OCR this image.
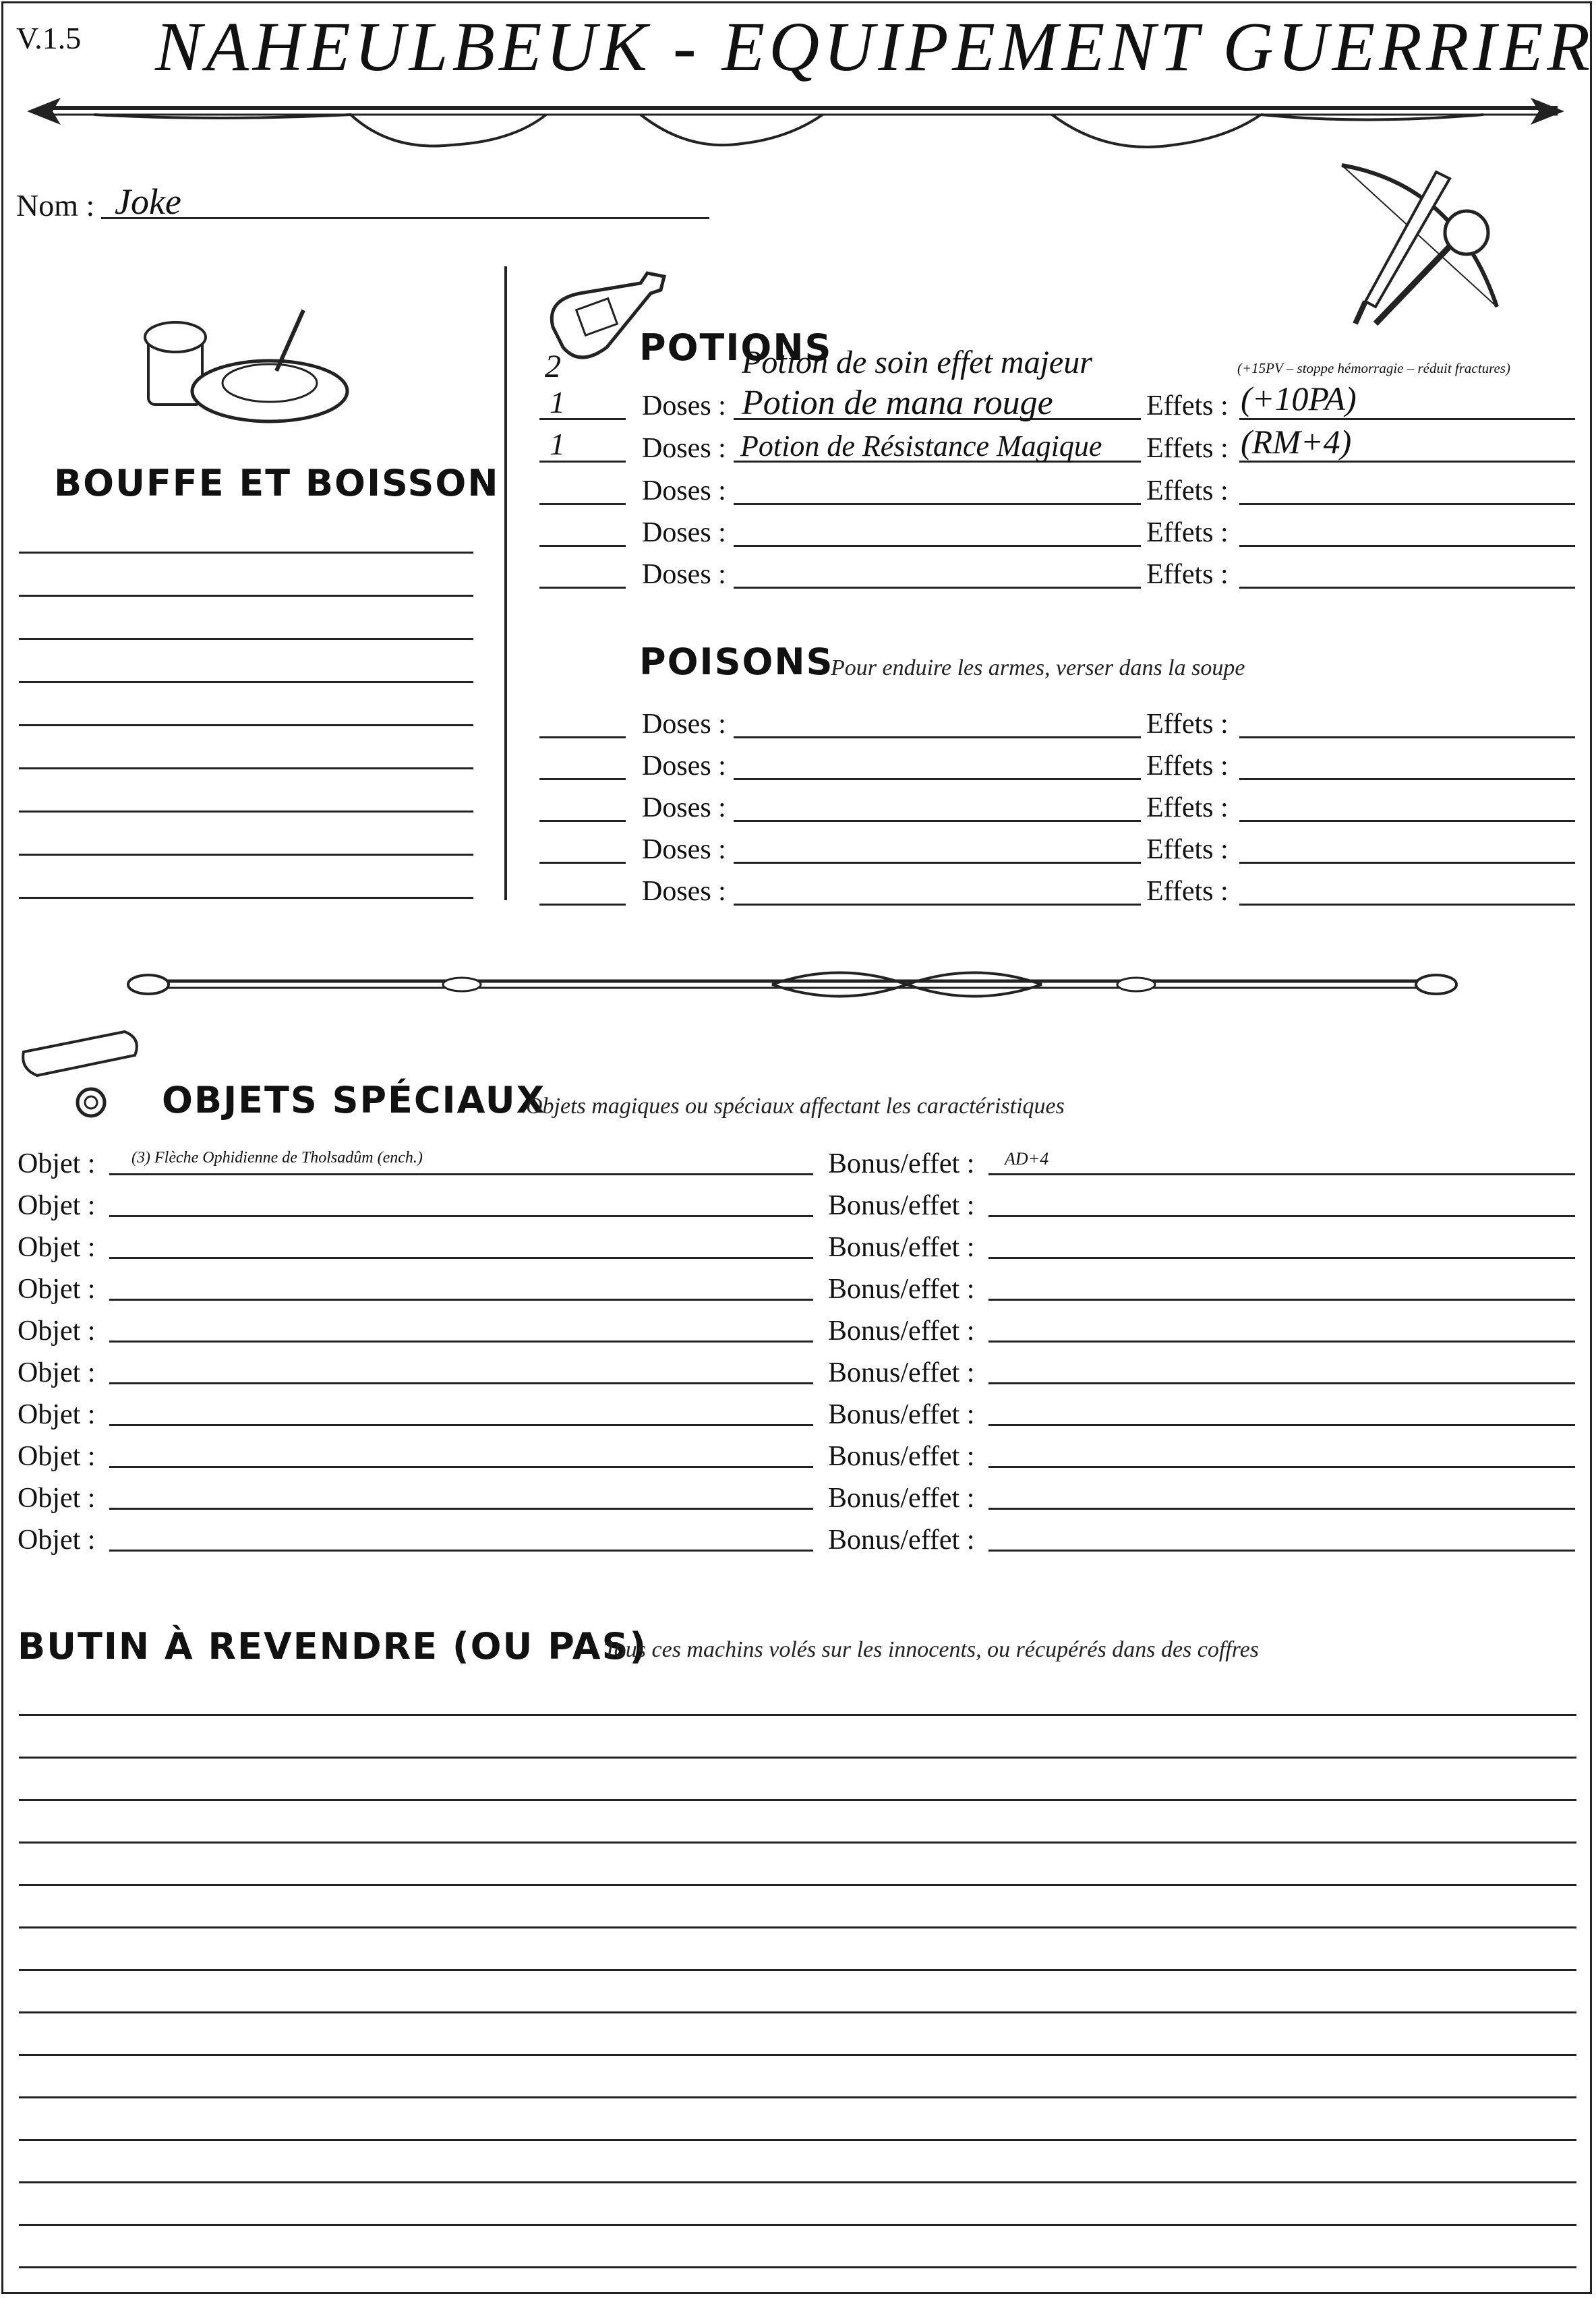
V.1.5 NAHEULBEUK - EQUIPEMENT GUERRIER
Nom : Joke
BOUFFE ET BOISSON
POTIONS
2	Potion de soin effet majeur	(+15PV – stoppe hémorragie – réduit fractures)
1	Doses : Potion de mana rouge	Effets : (+10PA)
1	Doses : Potion de Résistance Magique Effets : (RM+4)
Doses :	Effets :
Doses :	Effets :
Doses :	Effets :
POISONS
Pour enduire les armes, verser dans la soupe
Doses :	Effets :
Doses :	Effets :
Doses :	Effets :
Doses :	Effets :
Doses :	Effets :
OBJETS SPÉCIAUX
Objets magiques ou spéciaux affectant les caractéristiques
Objet : (3) Flèche Ophidienne de Tholsadûm (ench.)	Bonus/effet : AD+4
Objet :	Bonus/effet :
Objet :	Bonus/effet :
Objet :	Bonus/effet :
Objet :	Bonus/effet :
Objet :	Bonus/effet :
Objet :	Bonus/effet :
Objet :	Bonus/effet :
Objet :	Bonus/effet :
Objet :	Bonus/effet :
BUTIN À REVENDRE (OU PAS)
Tous ces machins volés sur les innocents, ou récupérés dans des coffres
